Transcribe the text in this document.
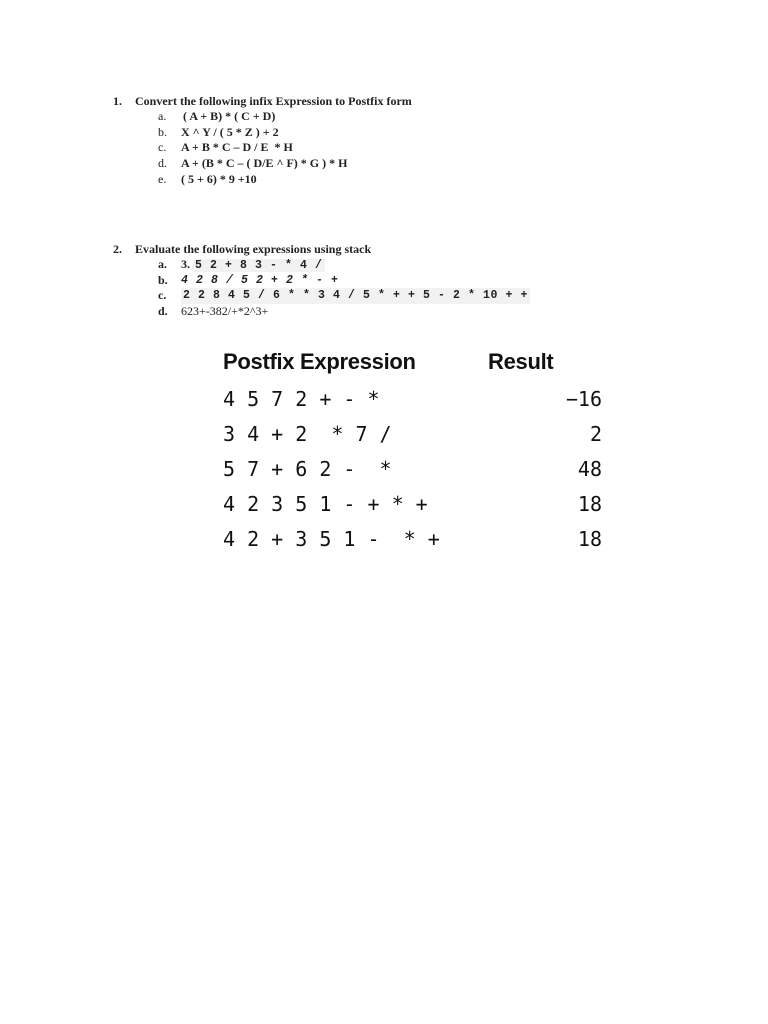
1. Convert the following infix Expression to Postfix form
a. ( A + B) * ( C + D)
b. X ^ Y / ( 5 * Z ) + 2
c. A + B * C – D / E  * H
d. A + (B * C – ( D/E ^ F) * G ) * H
e. ( 5 + 6) * 9 +10
2. Evaluate the following expressions using stack
a. 3. 5 2 + 8 3 - * 4 /
b. 4 2 8 / 5 2 + 2 * - +
c. 2 2 8 4 5 / 6 * * 3 4 / 5 * + + 5 - 2 * 10 + +
d. 623+-382/+*2^3+
Postfix Expression	Result
4 5 7 2 + - *	−16
3 4 + 2  * 7 /	2
5 7 + 6 2 -  *	48
4 2 3 5 1 - + * +	18
4 2 + 3 5 1 -  * +	18
